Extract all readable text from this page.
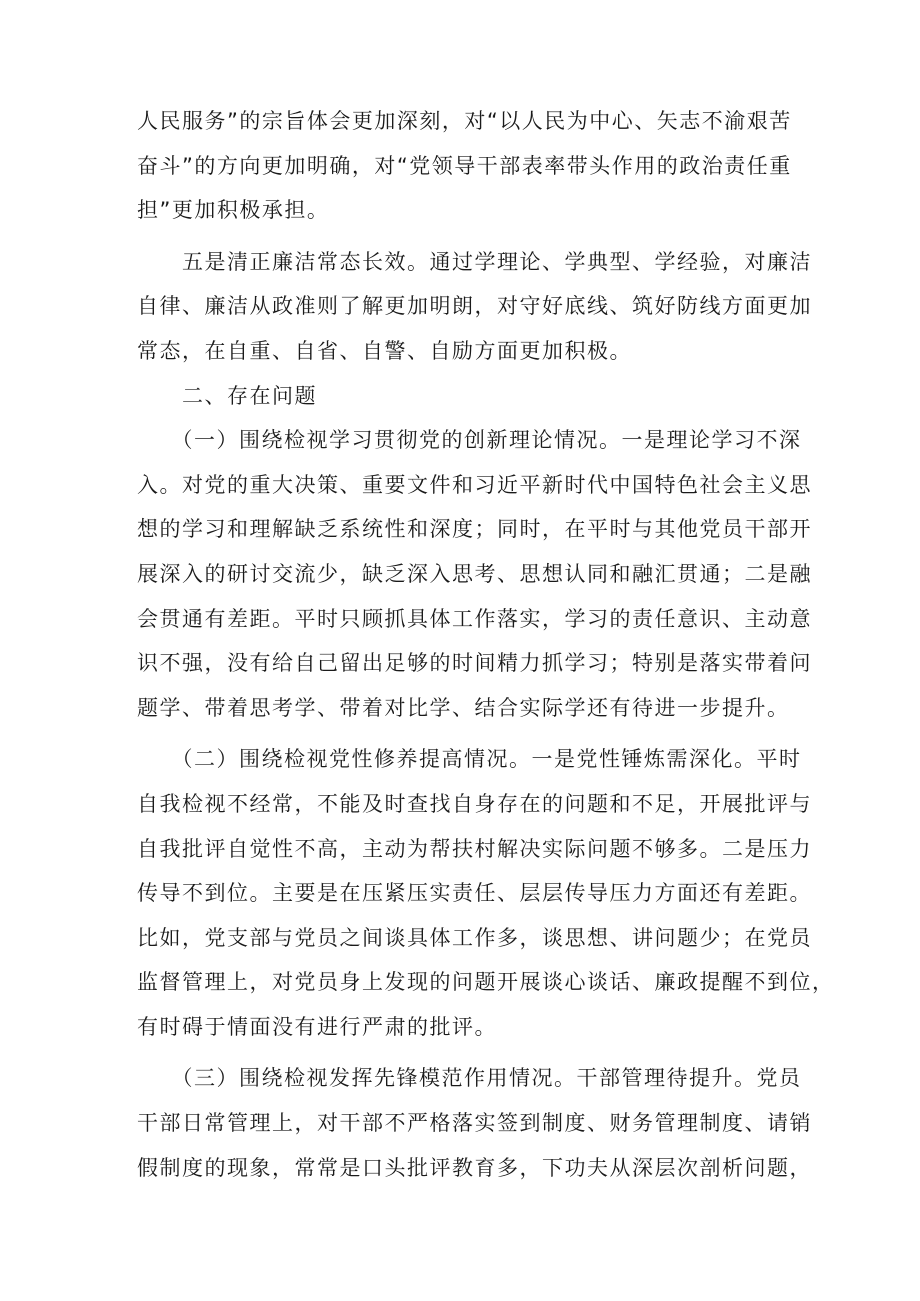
人民服务”的宗旨体会更加深刻，对“以人民为中心、矢志不渝艰苦
奋斗”的方向更加明确，对“党领导干部表率带头作用的政治责任重
担”更加积极承担。
　　五是清正廉洁常态长效。通过学理论、学典型、学经验，对廉洁
自律、廉洁从政准则了解更加明朗，对守好底线、筑好防线方面更加
常态，在自重、自省、自警、自励方面更加积极。
　　二、存在问题
　　（一）围绕检视学习贯彻党的创新理论情况。一是理论学习不深
入。对党的重大决策、重要文件和习近平新时代中国特色社会主义思
想的学习和理解缺乏系统性和深度；同时，在平时与其他党员干部开
展深入的研讨交流少，缺乏深入思考、思想认同和融汇贯通；二是融
会贯通有差距。平时只顾抓具体工作落实，学习的责任意识、主动意
识不强，没有给自己留出足够的时间精力抓学习；特别是落实带着问
题学、带着思考学、带着对比学、结合实际学还有待进一步提升。
　　（二）围绕检视党性修养提高情况。一是党性锤炼需深化。平时
自我检视不经常，不能及时查找自身存在的问题和不足，开展批评与
自我批评自觉性不高，主动为帮扶村解决实际问题不够多。二是压力
传导不到位。主要是在压紧压实责任、层层传导压力方面还有差距。
比如，党支部与党员之间谈具体工作多，谈思想、讲问题少；在党员
监督管理上，对党员身上发现的问题开展谈心谈话、廉政提醒不到位，
有时碍于情面没有进行严肃的批评。
　　（三）围绕检视发挥先锋模范作用情况。干部管理待提升。党员
干部日常管理上，对干部不严格落实签到制度、财务管理制度、请销
假制度的现象，常常是口头批评教育多，下功夫从深层次剖析问题，
